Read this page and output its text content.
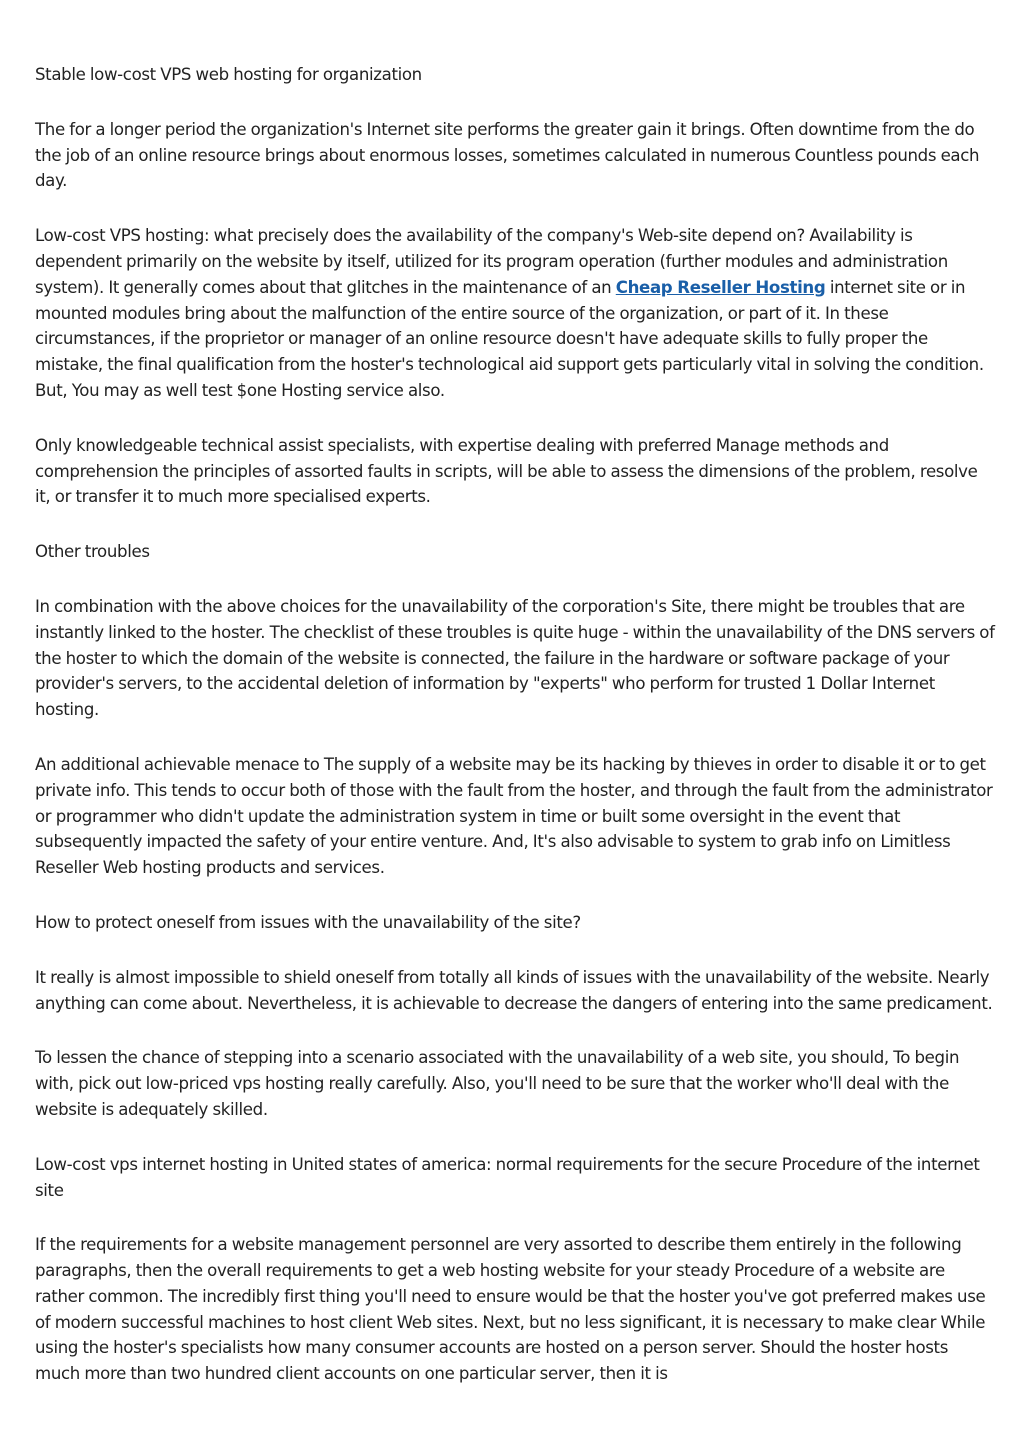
Stable low-cost VPS web hosting for organization

The for a longer period the organization's Internet site performs the greater gain it brings. Often downtime from the do the job of an online resource brings about enormous losses, sometimes calculated in numerous Countless pounds each day.

Low-cost VPS hosting: what precisely does the availability of the company's Web-site depend on? Availability is dependent primarily on the website by itself, utilized for its program operation (further modules and administration system). It generally comes about that glitches in the maintenance of an Cheap Reseller Hosting internet site or in mounted modules bring about the malfunction of the entire source of the organization, or part of it. In these circumstances, if the proprietor or manager of an online resource doesn't have adequate skills to fully proper the mistake, the final qualification from the hoster's technological aid support gets particularly vital in solving the condition. But, You may as well test $one Hosting service also.

Only knowledgeable technical assist specialists, with expertise dealing with preferred Manage methods and comprehension the principles of assorted faults in scripts, will be able to assess the dimensions of the problem, resolve it, or transfer it to much more specialised experts.

Other troubles

In combination with the above choices for the unavailability of the corporation's Site, there might be troubles that are instantly linked to the hoster. The checklist of these troubles is quite huge - within the unavailability of the DNS servers of the hoster to which the domain of the website is connected, the failure in the hardware or software package of your provider's servers, to the accidental deletion of information by "experts" who perform for trusted 1 Dollar Internet hosting.

An additional achievable menace to The supply of a website may be its hacking by thieves in order to disable it or to get private info. This tends to occur both of those with the fault from the hoster, and through the fault from the administrator or programmer who didn't update the administration system in time or built some oversight in the event that subsequently impacted the safety of your entire venture. And, It's also advisable to system to grab info on Limitless Reseller Web hosting products and services.

How to protect oneself from issues with the unavailability of the site?

It really is almost impossible to shield oneself from totally all kinds of issues with the unavailability of the website. Nearly anything can come about. Nevertheless, it is achievable to decrease the dangers of entering into the same predicament.

To lessen the chance of stepping into a scenario associated with the unavailability of a web site, you should, To begin with, pick out low-priced vps hosting really carefully. Also, you'll need to be sure that the worker who'll deal with the website is adequately skilled.

Low-cost vps internet hosting in United states of america: normal requirements for the secure Procedure of the internet site

If the requirements for a website management personnel are very assorted to describe them entirely in the following paragraphs, then the overall requirements to get a web hosting website for your steady Procedure of a website are rather common. The incredibly first thing you'll need to ensure would be that the hoster you've got preferred makes use of modern successful machines to host client Web sites. Next, but no less significant, it is necessary to make clear While using the hoster's specialists how many consumer accounts are hosted on a person server. Should the hoster hosts much more than two hundred client accounts on one particular server, then it is
